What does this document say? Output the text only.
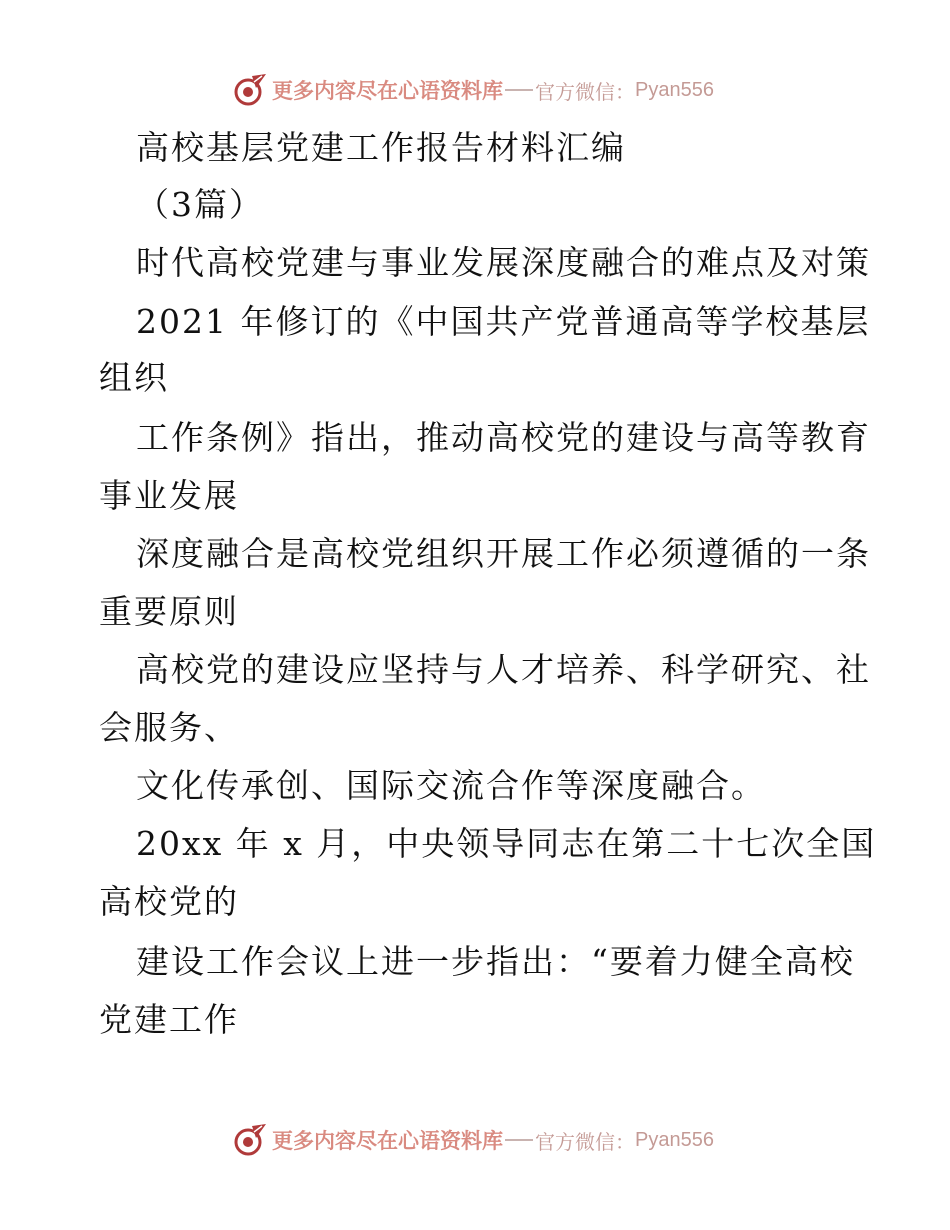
更多内容尽在心语资料库 官方微信： Pyan556
高校基层党建工作报告材料汇编
（3篇）
时代高校党建与事业发展深度融合的难点及对策
2021 年修订的《中国共产党普通高等学校基层
组织
工作条例》指出，推动高校党的建设与高等教育
事业发展
深度融合是高校党组织开展工作必须遵循的一条
重要原则
高校党的建设应坚持与人才培养、科学研究、社
会服务、
文化传承创、国际交流合作等深度融合。
20xx 年 x 月，中央领导同志在第二十七次全国
高校党的
建设工作会议上进一步指出：“要着力健全高校
党建工作
更多内容尽在心语资料库 官方微信： Pyan556
